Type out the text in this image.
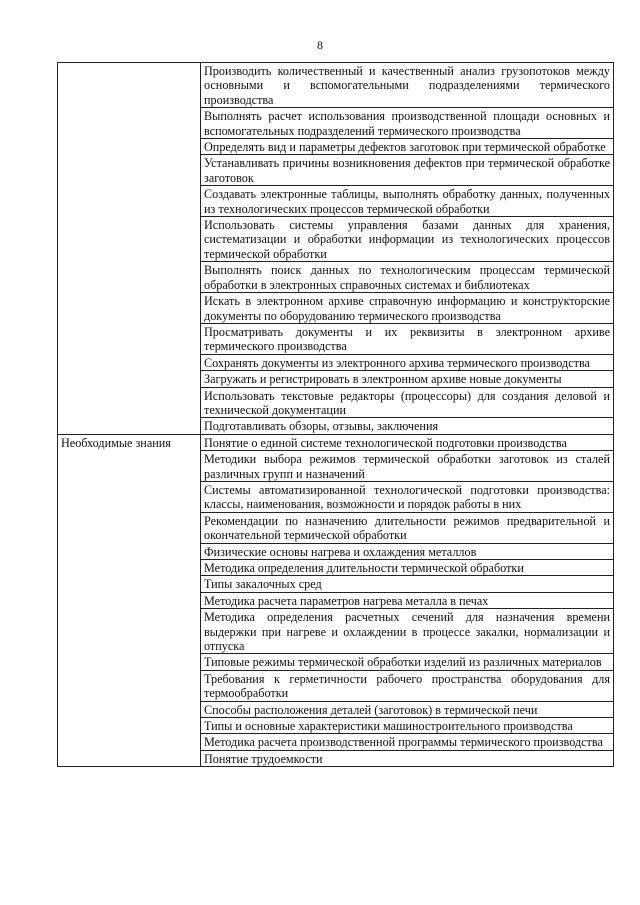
8
	Производить количественный и качественный анализ грузопотоков между основными и вспомогательными подразделениями термического производства
	Выполнять расчет использования производственной площади основных и вспомогательных подразделений термического производства
	Определять вид и параметры дефектов заготовок при термической обработке
	Устанавливать причины возникновения дефектов при термической обработке заготовок
	Создавать электронные таблицы, выполнять обработку данных, полученных из технологических процессов термической обработки
	Использовать системы управления базами данных для хранения, систематизации и обработки информации из технологических процессов термической обработки
	Выполнять поиск данных по технологическим процессам термической обработки в электронных справочных системах и библиотеках
	Искать в электронном архиве справочную информацию и конструкторские документы по оборудованию термического производства
	Просматривать документы и их реквизиты в электронном архиве термического производства
	Сохранять документы из электронного архива термического производства
	Загружать и регистрировать в электронном архиве новые документы
	Использовать текстовые редакторы (процессоры) для создания деловой и технической документации
	Подготавливать обзоры, отзывы, заключения
Необходимые знания	Понятие о единой системе технологической подготовки производства
	Методики выбора режимов термической обработки заготовок из сталей различных групп и назначений
	Системы автоматизированной технологической подготовки производства: классы, наименования, возможности и порядок работы в них
	Рекомендации по назначению длительности режимов предварительной и окончательной термической обработки
	Физические основы нагрева и охлаждения металлов
	Методика определения длительности термической обработки
	Типы закалочных сред
	Методика расчета параметров нагрева металла в печах
	Методика определения расчетных сечений для назначения времени выдержки при нагреве и охлаждении в процессе закалки, нормализации и отпуска
	Типовые режимы термической обработки изделий из различных материалов
	Требования к герметичности рабочего пространства оборудования для термообработки
	Способы расположения деталей (заготовок) в термической печи
	Типы и основные характеристики машиностроительного производства
	Методика расчета производственной программы термического производства
	Понятие трудоемкости
